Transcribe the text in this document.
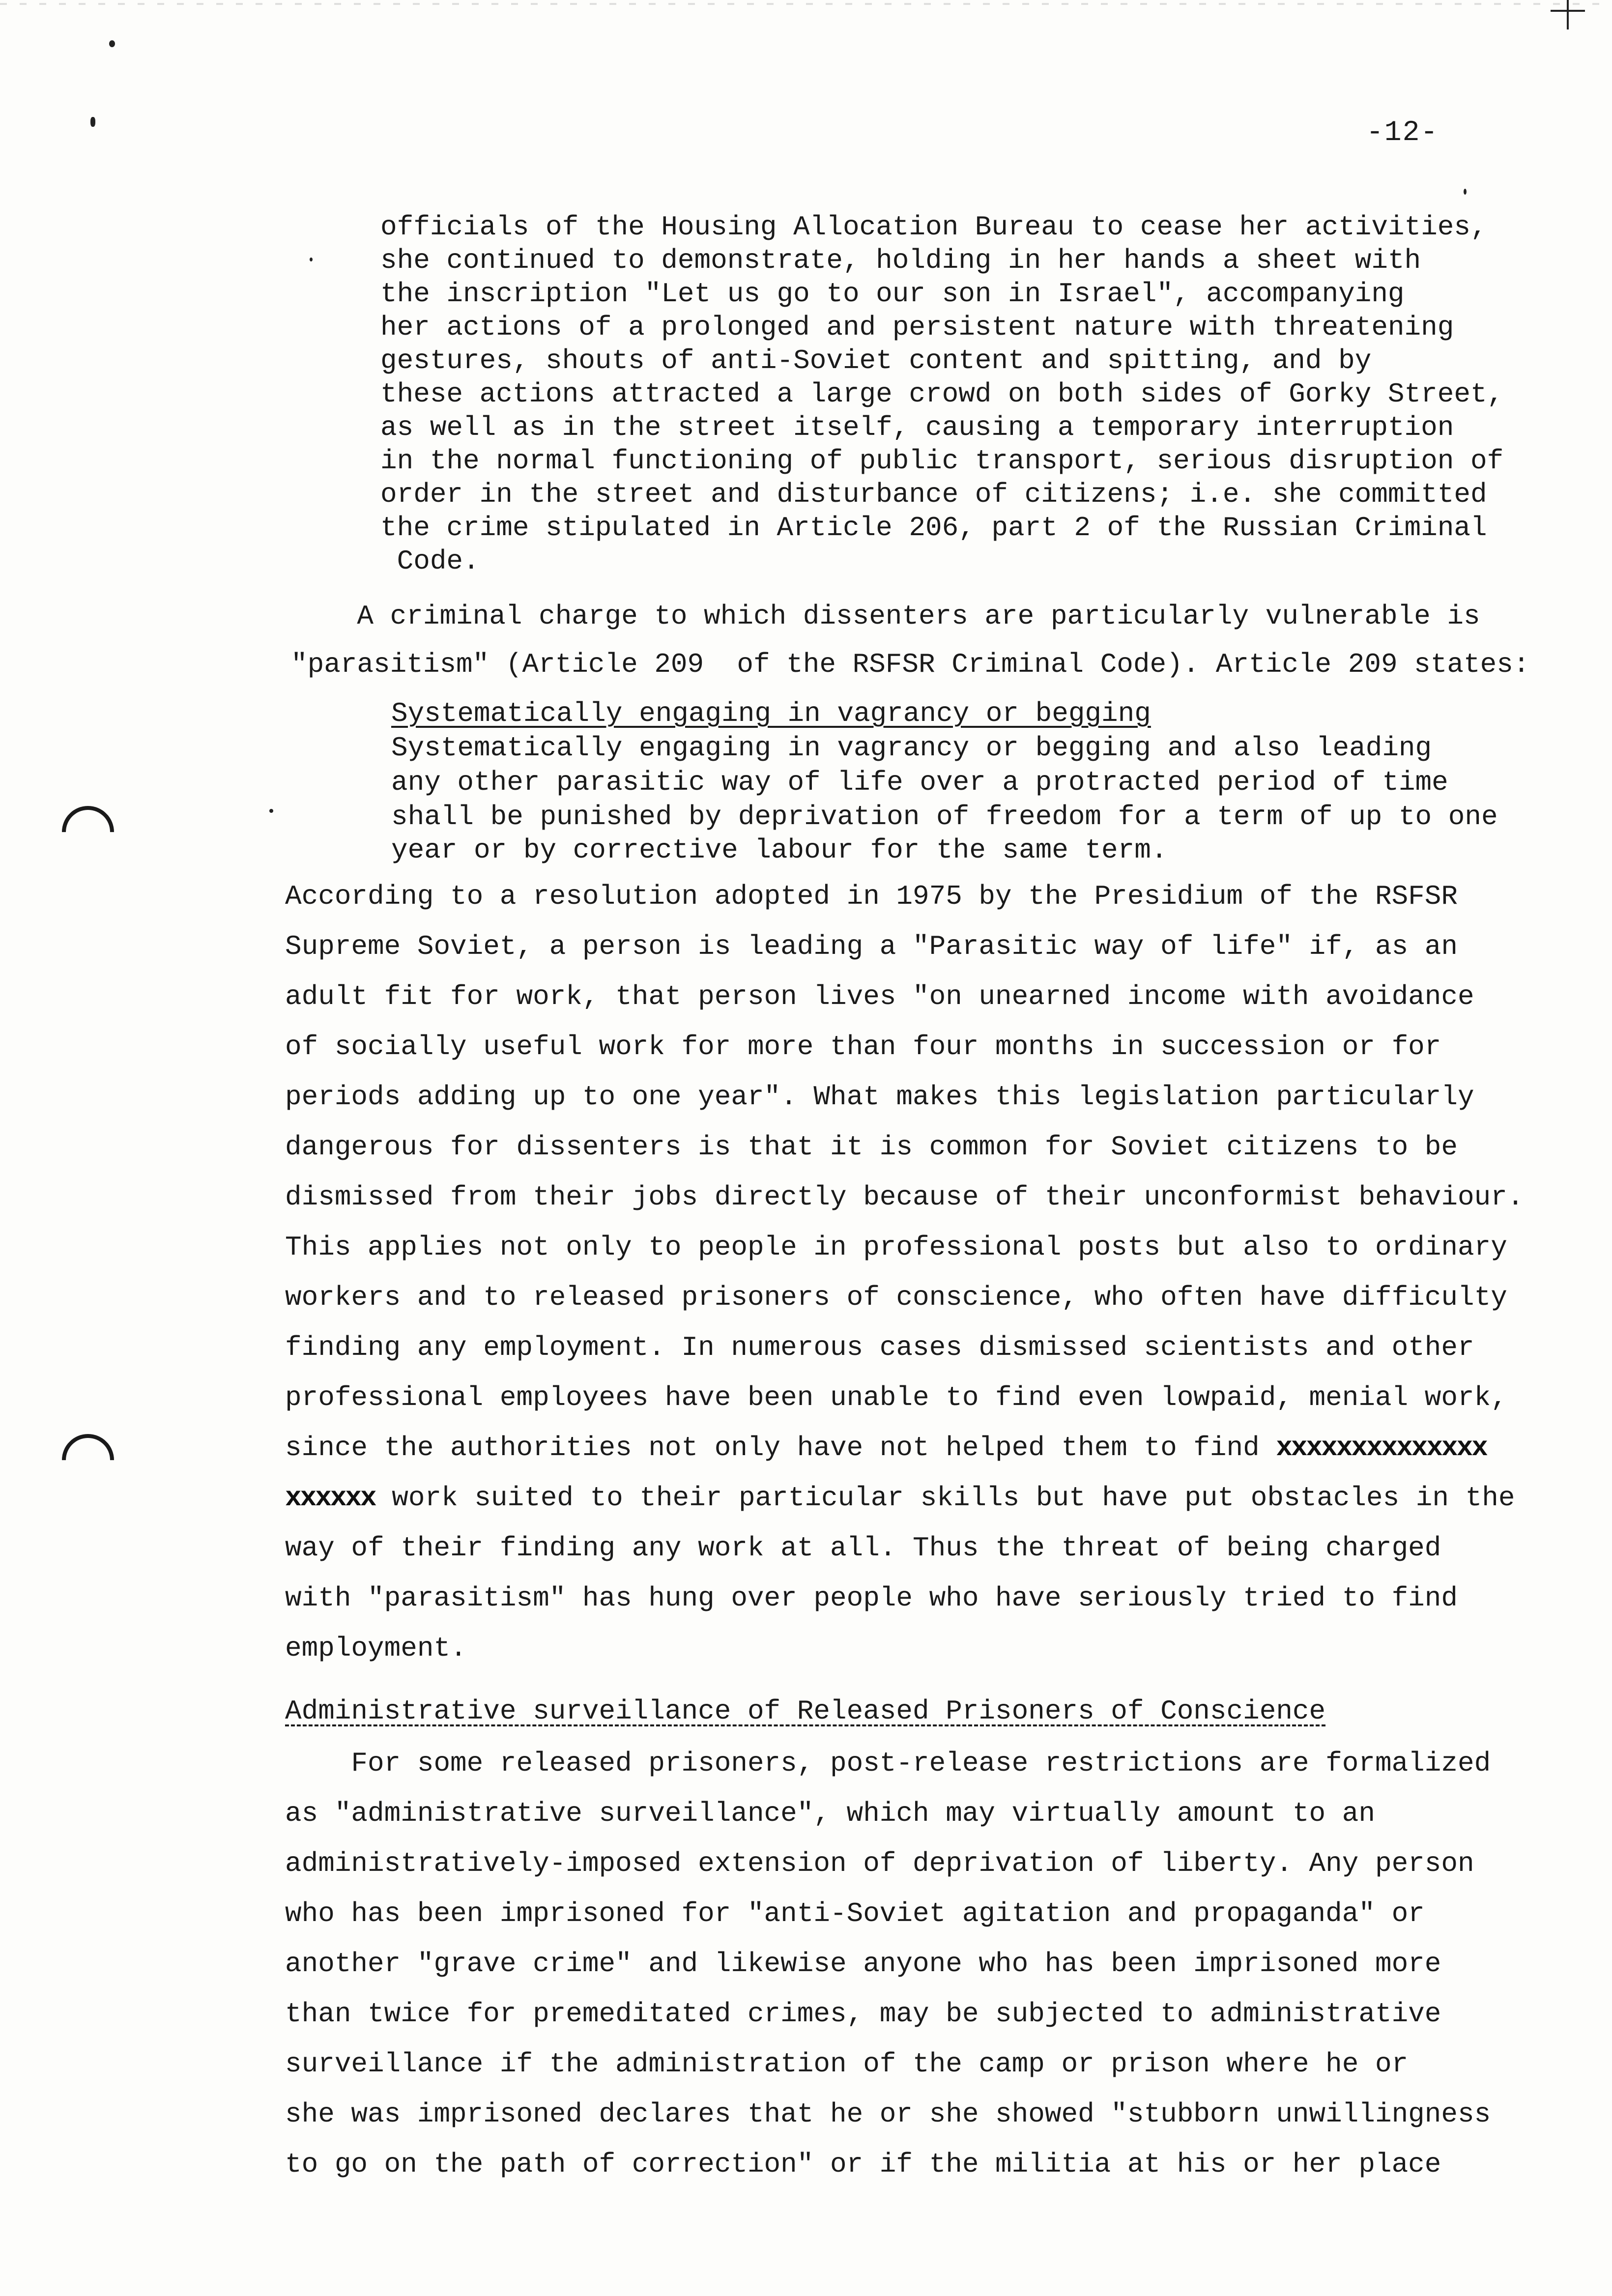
-12-
officials of the Housing Allocation Bureau to cease her activities,
she continued to demonstrate, holding in her hands a sheet with
the inscription "Let us go to our son in Israel", accompanying
her actions of a prolonged and persistent nature with threatening
gestures, shouts of anti-Soviet content and spitting, and by
these actions attracted a large crowd on both sides of Gorky Street,
as well as in the street itself, causing a temporary interruption
in the normal functioning of public transport, serious disruption of
order in the street and disturbance of citizens; i.e. she committed
the crime stipulated in Article 206, part 2 of the Russian Criminal
Code.
A criminal charge to which dissenters are particularly vulnerable is
"parasitism" (Article 209  of the RSFSR Criminal Code). Article 209 states:
Systematically engaging in vagrancy or begging
Systematically engaging in vagrancy or begging and also leading
any other parasitic way of life over a protracted period of time
shall be punished by deprivation of freedom for a term of up to one
year or by corrective labour for the same term.
According to a resolution adopted in 1975 by the Presidium of the RSFSR
Supreme Soviet, a person is leading a "Parasitic way of life" if, as an
adult fit for work, that person lives "on unearned income with avoidance
of socially useful work for more than four months in succession or for
periods adding up to one year". What makes this legislation particularly
dangerous for dissenters is that it is common for Soviet citizens to be
dismissed from their jobs directly because of their unconformist behaviour.
This applies not only to people in professional posts but also to ordinary
workers and to released prisoners of conscience, who often have difficulty
finding any employment. In numerous cases dismissed scientists and other
professional employees have been unable to find even lowpaid, menial work,
since the authorities not only have not helped them to find xxxxxxxxxxxxxx
xxxxxx work suited to their particular skills but have put obstacles in the
way of their finding any work at all. Thus the threat of being charged
with "parasitism" has hung over people who have seriously tried to find
employment.
Administrative surveillance of Released Prisoners of Conscience
For some released prisoners, post-release restrictions are formalized
as "administrative surveillance", which may virtually amount to an
administratively-imposed extension of deprivation of liberty. Any person
who has been imprisoned for "anti-Soviet agitation and propaganda" or
another "grave crime" and likewise anyone who has been imprisoned more
than twice for premeditated crimes, may be subjected to administrative
surveillance if the administration of the camp or prison where he or
she was imprisoned declares that he or she showed "stubborn unwillingness
to go on the path of correction" or if the militia at his or her place
